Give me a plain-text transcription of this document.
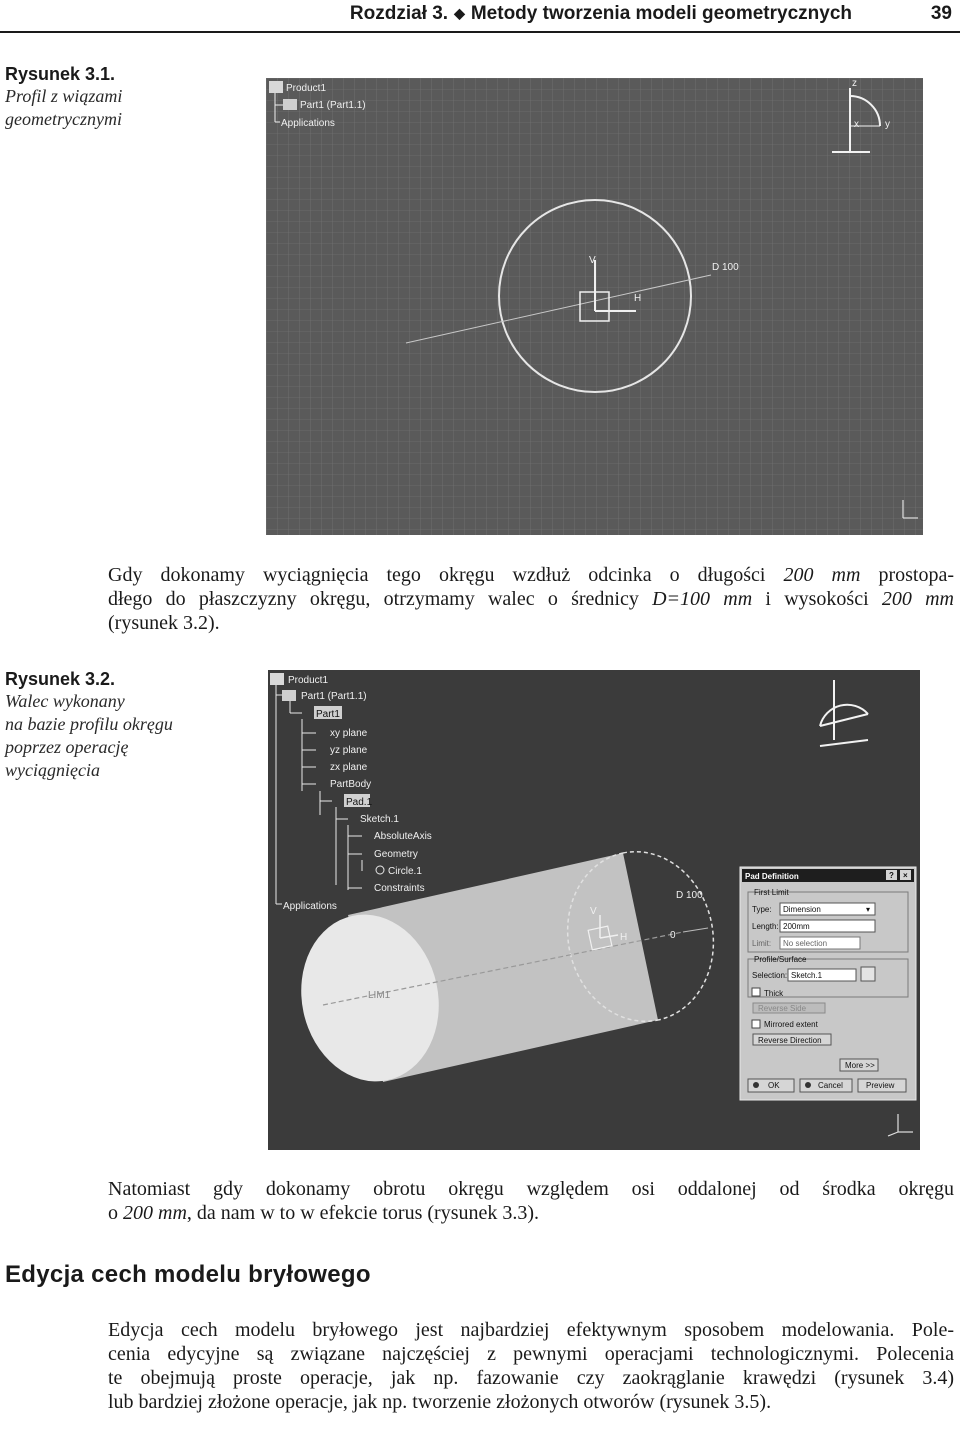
Rozdział 3. ◆ Metody tworzenia modeli geometrycznych	39
Rysunek 3.1.
Profil z wiązami
geometrycznymi
Product1
Part1 (Part1.1)
Applications
z
x	y
D 100
V
H
Gdy dokonamy wyciągnięcia tego okręgu wzdłuż odcinka o długości 200 mm prostopa-
dłego do płaszczyzny okręgu, otrzymamy walec o średnicy D=100 mm i wysokości 200 mm
(rysunek 3.2).
Rysunek 3.2.
Walec wykonany
na bazie profilu okręgu
poprzez operację
wyciągnięcia
Product1
Part1 (Part1.1)
Part1
xy plane
yz plane
zx plane
PartBody
Pad.1
Sketch.1
AbsoluteAxis
Geometry
Circle.1
Constraints
Applications
D 100
LIM1
H
V
0
Pad Definition	? ×
First Limit
Type: Dimension	▾
Length: 200mm
Limit: No selection
Profile/Surface
Selection: Sketch.1
Thick
Reverse Side
Mirrored extent
Reverse Direction
More >>
OK	Cancel	Preview
Natomiast gdy dokonamy obrotu okręgu względem osi oddalonej od środka okręgu
o 200 mm, da nam w to w efekcie torus (rysunek 3.3).
Edycja cech modelu bryłowego
Edycja cech modelu bryłowego jest najbardziej efektywnym sposobem modelowania. Pole-
cenia edycyjne są związane najczęściej z pewnymi operacjami technologicznymi. Polecenia
te obejmują proste operacje, jak np. fazowanie czy zaokrąglanie krawędzi (rysunek 3.4)
lub bardziej złożone operacje, jak np. tworzenie złożonych otworów (rysunek 3.5).
